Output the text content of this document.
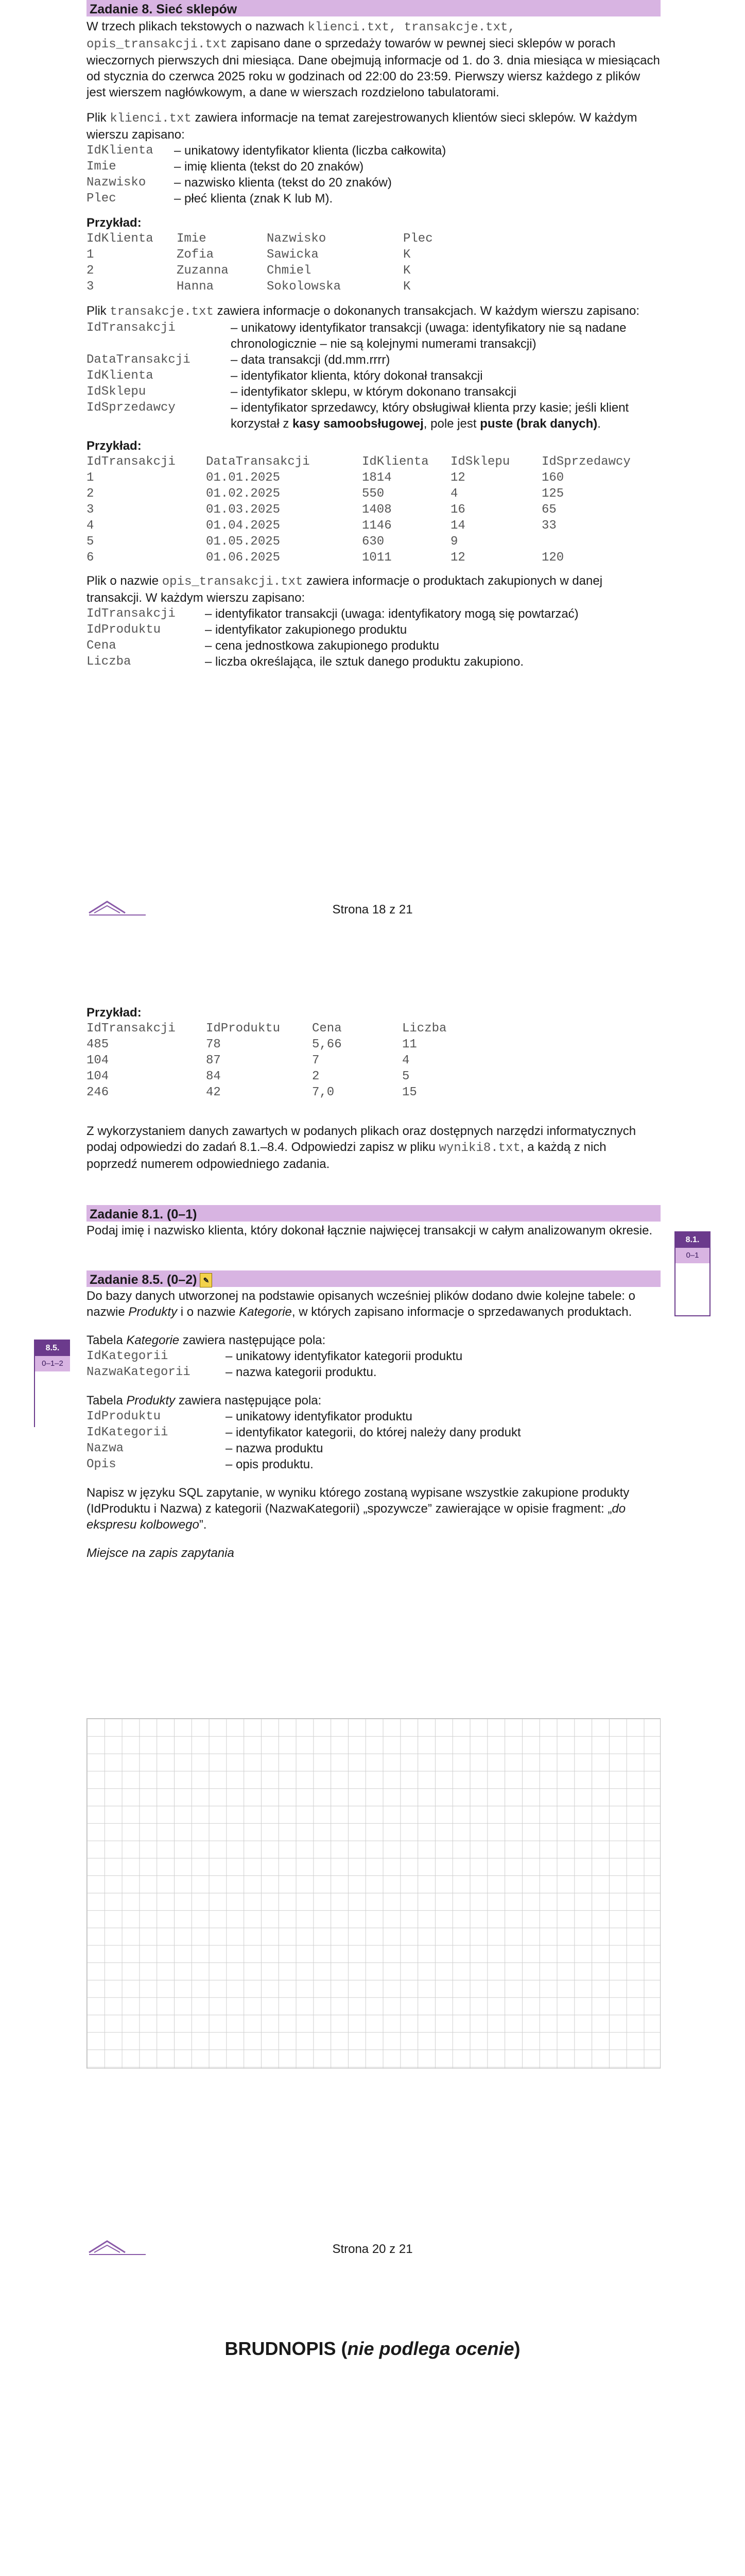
Zadanie 8. Sieć sklepów

W trzech plikach tekstowych o nazwach klienci.txt, transakcje.txt, opis_transakcji.txt zapisano dane o sprzedaży towarów w pewnej sieci sklepów w porach wieczornych pierwszych dni miesiąca. Dane obejmują informacje od 1. do 3. dnia miesiąca w miesiącach od stycznia do czerwca 2025 roku w godzinach od 22:00 do 23:59. Pierwszy wiersz każdego z plików jest wierszem nagłówkowym, a dane w wierszach rozdzielono tabulatorami.

Plik klienci.txt zawiera informacje na temat zarejestrowanych klientów sieci sklepów. W każdym wierszu zapisano:

IdKlienta	– unikatowy identyfikator klienta (liczba całkowita)
Imie	– imię klienta (tekst do 20 znaków)
Nazwisko	– nazwisko klienta (tekst do 20 znaków)
Plec	– płeć klienta (znak K lub M).

Przykład:

IdKlienta	Imie	Nazwisko	Plec
1	Zofia	Sawicka	K
2	Zuzanna	Chmiel	K
3	Hanna	Sokolowska	K

Plik transakcje.txt zawiera informacje o dokonanych transakcjach. W każdym wierszu zapisano:

IdTransakcji	– unikatowy identyfikator transakcji (uwaga: identyfikatory nie są nadane chronologicznie – nie są kolejnymi numerami transakcji)
DataTransakcji	– data transakcji (dd.mm.rrrr)
IdKlienta	– identyfikator klienta, który dokonał transakcji
IdSklepu	– identyfikator sklepu, w którym dokonano transakcji
IdSprzedawcy	– identyfikator sprzedawcy, który obsługiwał klienta przy kasie; jeśli klient korzystał z kasy samoobsługowej, pole jest puste (brak danych).

Przykład:

IdTransakcji	DataTransakcji	IdKlienta	IdSklepu	IdSprzedawcy
1	01.01.2025	1814	12	160
2	01.02.2025	550	4	125
3	01.03.2025	1408	16	65
4	01.04.2025	1146	14	33
5	01.05.2025	630	9	
6	01.06.2025	1011	12	120

Plik o nazwie opis_transakcji.txt zawiera informacje o produktach zakupionych w danej transakcji. W każdym wierszu zapisano:

IdTransakcji	– identyfikator transakcji (uwaga: identyfikatory mogą się powtarzać)
IdProduktu	– identyfikator zakupionego produktu
Cena	– cena jednostkowa zakupionego produktu
Liczba	– liczba określająca, ile sztuk danego produktu zakupiono.
Strona 18 z 21

Przykład:

IdTransakcji	IdProduktu	Cena	Liczba
485	78	5,66	11
104	87	7	4
104	84	2	5
246	42	7,0	15

Z wykorzystaniem danych zawartych w podanych plikach oraz dostępnych narzędzi informatycznych podaj odpowiedzi do zadań 8.1.–8.4. Odpowiedzi zapisz w pliku wyniki8.txt, a każdą z nich poprzedź numerem odpowiedniego zadania.

Zadanie 8.1. (0–1)

Podaj imię i nazwisko klienta, który dokonał łącznie najwięcej transakcji w całym analizowanym okresie.

Zadanie 8.5. (0–2) ✎

Do bazy danych utworzonej na podstawie opisanych wcześniej plików dodano dwie kolejne tabele: o nazwie Produkty i o nazwie Kategorie, w których zapisano informacje o sprzedawanych produktach.

Tabela Kategorie zawiera następujące pola:

IdKategorii	– unikatowy identyfikator kategorii produktu
NazwaKategorii	– nazwa kategorii produktu.

Tabela Produkty zawiera następujące pola:

IdProduktu	– unikatowy identyfikator produktu
IdKategorii	– identyfikator kategorii, do której należy dany produkt
Nazwa	– nazwa produktu
Opis	– opis produktu.

Napisz w języku SQL zapytanie, w wyniku którego zostaną wypisane wszystkie zakupione produkty (IdProduktu i Nazwa) z kategorii (NazwaKategorii) „spozywcze” zawierające w opisie fragment: „do ekspresu kolbowego”.

Miejsce na zapis zapytania

8.1.
0–1
8.5.
0–1–2
Strona 20 z 21
BRUDNOPIS (nie podlega ocenie)
